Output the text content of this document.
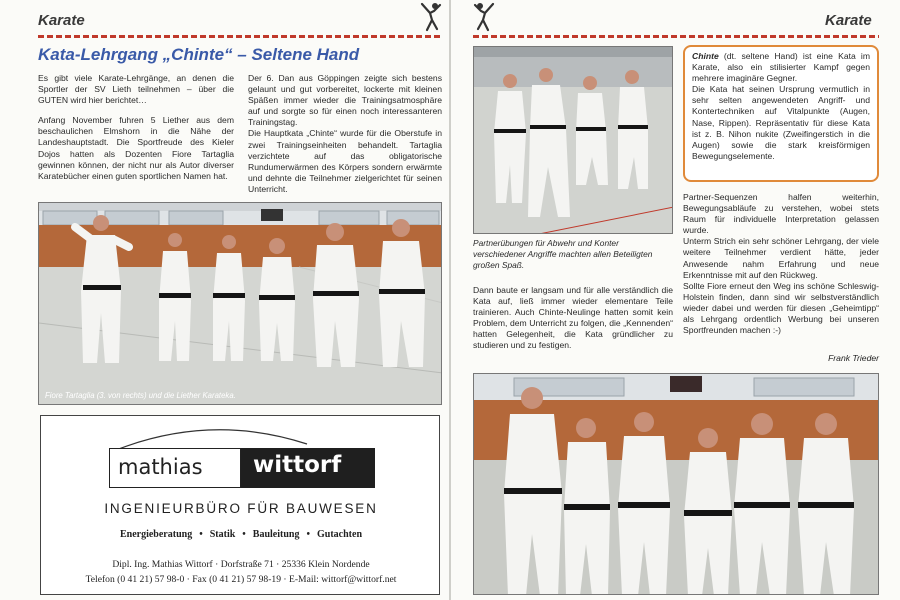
Karate
Kata-Lehrgang „Chinte“ – Seltene Hand

Es gibt viele Karate-Lehrgänge, an denen die Sportler der SV Lieth teilnehmen – über die GUTEN wird hier berichtet…

Anfang November fuhren 5 Liether aus dem beschaulichen Elmshorn in die Nähe der Landeshauptstadt. Die Sportfreude des Kieler Dojos hatten als Dozenten Fiore Tartaglia gewinnen können, der nicht nur als Autor diverser Karatebücher einen guten sportlichen Namen hat.

Der 6. Dan aus Göppingen zeigte sich bestens gelaunt und gut vorbereitet, lockerte mit kleinen Späßen immer wieder die Trainingsatmosphäre auf und sorgte so für einen noch interessanteren Trainingstag.

Die Hauptkata „Chinte“ wurde für die Oberstufe in zwei Trainingseinheiten behandelt. Tartaglia verzichtete auf das obligatorische Rundumerwärmen des Körpers sondern erwärmte und dehnte die Teilnehmer zielgerichtet für seinen Unterricht.

Fiore Tartaglia (3. von rechts) und die Liether Karateka.
mathias	wittorf
INGENIEURBÜRO FÜR BAUWESEN
Energieberatung • Statik • Bauleitung • Gutachten
Dipl. Ing. Mathias Wittorf · Dorfstraße 71 · 25336 Klein Nordende
Telefon (0 41 21) 57 98-0 · Fax (0 41 21) 57 98-19 · E-Mail: wittorf@wittorf.net
Karate
Partnerübungen für Abwehr und Konter verschiedener Angriffe machten allen Beteiligten großen Spaß.

Dann baute er langsam und für alle verständlich die Kata auf, ließ immer wieder elementare Teile trainieren. Auch Chinte-Neulinge hatten somit kein Problem, dem Unterricht zu folgen, die „Kennenden“ hatten Gelegenheit, die Kata gründlicher zu studieren und zu festigen.

Chinte (dt. seltene Hand) ist eine Kata im Karate, also ein stilisierter Kampf gegen mehrere imaginäre Gegner.
Die Kata hat seinen Ursprung vermutlich in sehr selten angewendeten Angriff- und Kontertechniken auf Vitalpunkte (Augen, Nase, Rippen). Repräsentativ für diese Kata ist z. B. Nihon nukite (Zweifingerstich in die Augen) sowie die stark kreisförmigen Bewegungselemente.

Partner-Sequenzen halfen weiterhin, Bewegungsabläufe zu verstehen, wobei stets Raum für individuelle Interpretation gelassen wurde.

Unterm Strich ein sehr schöner Lehrgang, der viele weitere Teilnehmer verdient hätte, jeder Anwesende nahm Erfahrung und neue Erkenntnisse mit auf den Rückweg.

Sollte Fiore erneut den Weg ins schöne Schleswig-Holstein finden, dann sind wir selbstverständlich wieder dabei und werden für diesen „Geheimtipp“ als Lehrgang ordentlich Werbung bei unseren Sportfreunden machen :-)

Frank Trieder
